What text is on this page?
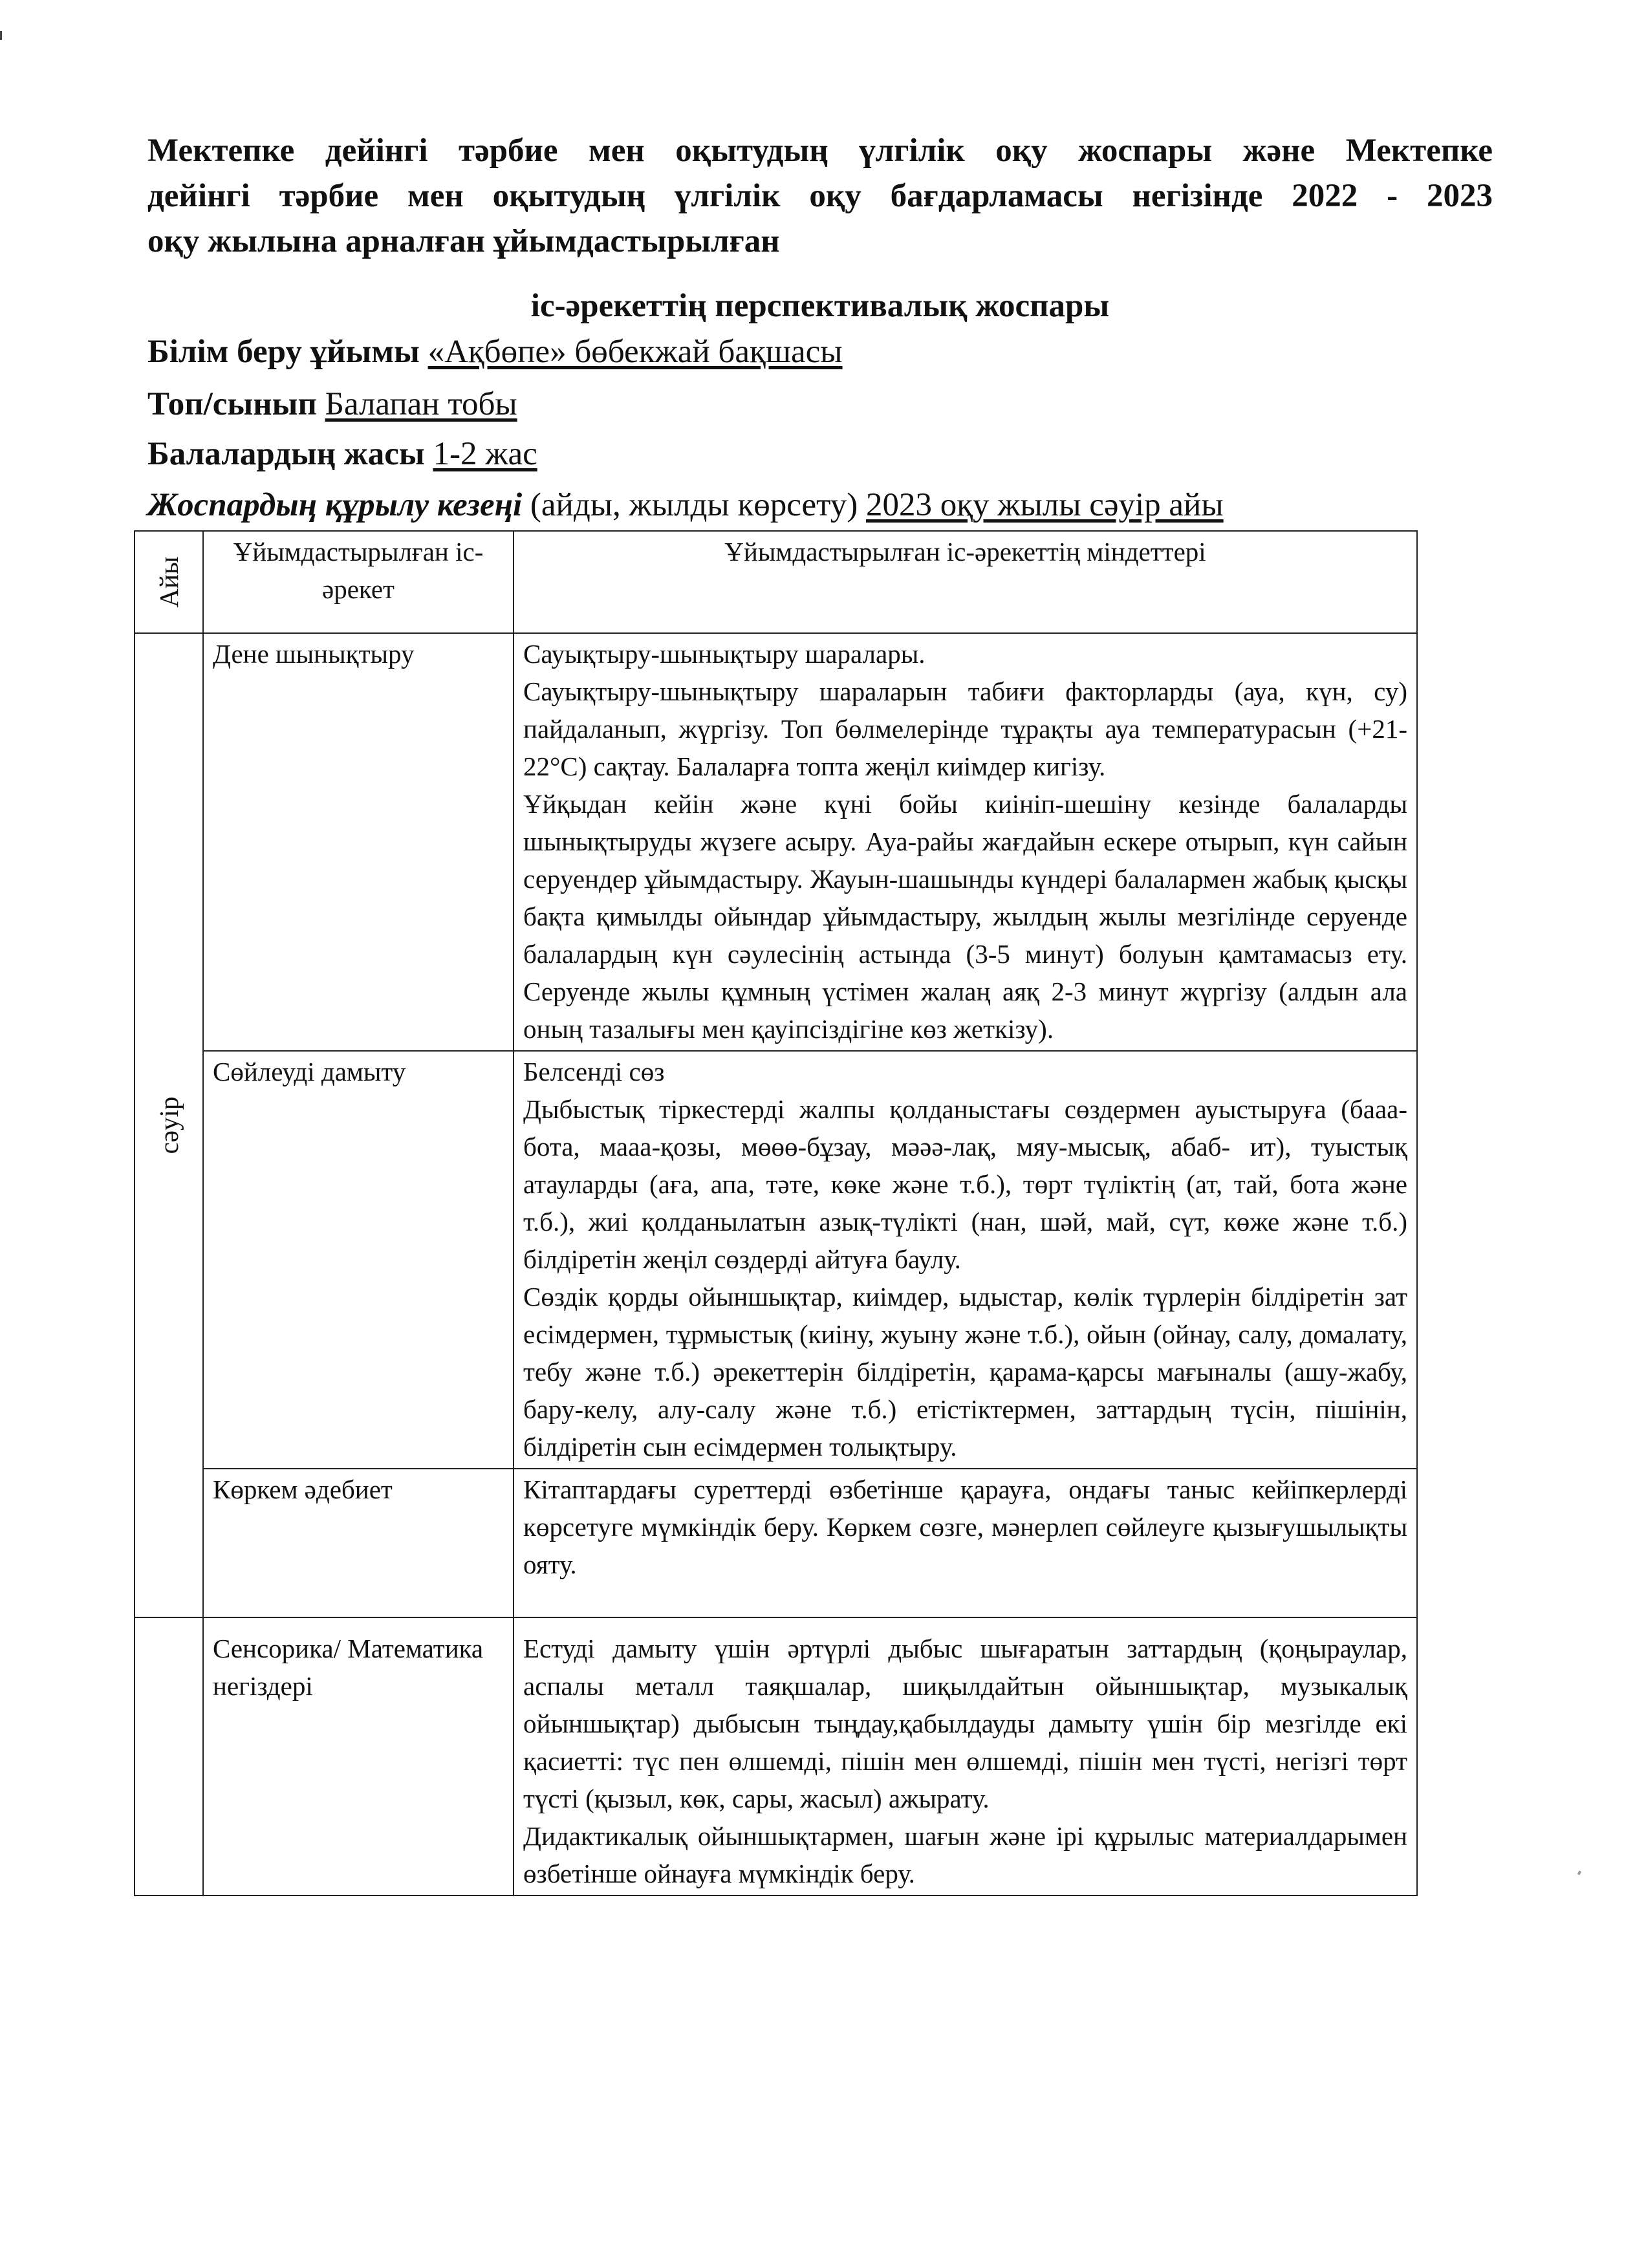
Мектепке дейінгі тәрбие мен оқытудың үлгілік оқу жоспары және Мектепке
дейінгі тәрбие мен оқытудың үлгілік оқу бағдарламасы негізінде 2022 - 2023
оқу жылына арналған ұйымдастырылған
іс-әрекеттің перспективалық жоспары
Білім беру ұйымы «Ақбөпе» бөбекжай бақшасы
Топ/сынып Балапан тобы
Балалардың жасы 1-2 жас
Жоспардың құрылу кезеңі (айды, жылды көрсету) 2023 оқу жылы сәуір айы
Айы	Ұйымдастырылған іс-әрекет	Ұйымдастырылған іс-әрекеттің міндеттері

сәуір	Дене шынықтыру	Сауықтыру-шынықтыру шаралары.

Сауықтыру-шынықтыру шараларын табиғи факторларды (ауа, күн, су) пайдаланып, жүргізу. Топ бөлмелерінде тұрақты ауа температурасын (+21-22°С) сақтау. Балаларға топта жеңіл киімдер кигізу.

Ұйқыдан кейін және күні бойы киініп-шешіну кезінде балаларды шынықтыруды жүзеге асыру. Ауа-райы жағдайын ескере отырып, күн сайын серуендер ұйымдастыру. Жауын-шашынды күндері балалармен жабық қысқы бақта қимылды ойындар ұйымдастыру, жылдың жылы мезгілінде серуенде балалардың күн сәулесінің астында (3-5 минут) болуын қамтамасыз ету. Серуенде жылы құмның үстімен жалаң аяқ 2-3 минут жүргізу (алдын ала оның тазалығы мен қауіпсіздігіне көз жеткізу).

	Сөйлеуді дамыту	Белсенді сөз

Дыбыстық тіркестерді жалпы қолданыстағы сөздермен ауыстыруға (бааа-бота, мааа-қозы, мөөө-бұзау, мәәә-лақ, мяу-мысық, абаб- ит), туыстық атауларды (аға, апа, тәте, көке және т.б.), төрт түліктің (ат, тай, бота және т.б.), жиі қолданылатын азық-түлікті (нан, шәй, май, сүт, көже және т.б.) білдіретін жеңіл сөздерді айтуға баулу.

Сөздік қорды ойыншықтар, киімдер, ыдыстар, көлік түрлерін білдіретін зат есімдермен, тұрмыстық (киіну, жуыну және т.б.), ойын (ойнау, салу, домалату, тебу және т.б.) әрекеттерін білдіретін, қарама-қарсы мағыналы (ашу-жабу, бару-келу, алу-салу және т.б.) етістіктермен, заттардың түсін, пішінін, білдіретін сын есімдермен толықтыру.

	Көркем әдебиет	Кітаптардағы суреттерді өзбетінше қарауға, ондағы таныс кейіпкерлерді көрсетуге мүмкіндік беру. Көркем сөзге, мәнерлеп сөйлеуге қызығушылықты ояту.

	Сенсорика/ Математика негіздері	Естуді дамыту үшін әртүрлі дыбыс шығаратын заттардың (қоңыраулар, аспалы металл таяқшалар, шиқылдайтын ойыншықтар, музыкалық ойыншықтар) дыбысын тыңдау,қабылдауды дамыту үшін бір мезгілде екі қасиетті: түс пен өлшемді, пішін мен өлшемді, пішін мен түсті, негізгі төрт түсті (қызыл, көк, сары, жасыл) ажырату.

Дидактикалық ойыншықтармен, шағын және ірі құрылыс материалдарымен өзбетінше ойнауға мүмкіндік беру.
